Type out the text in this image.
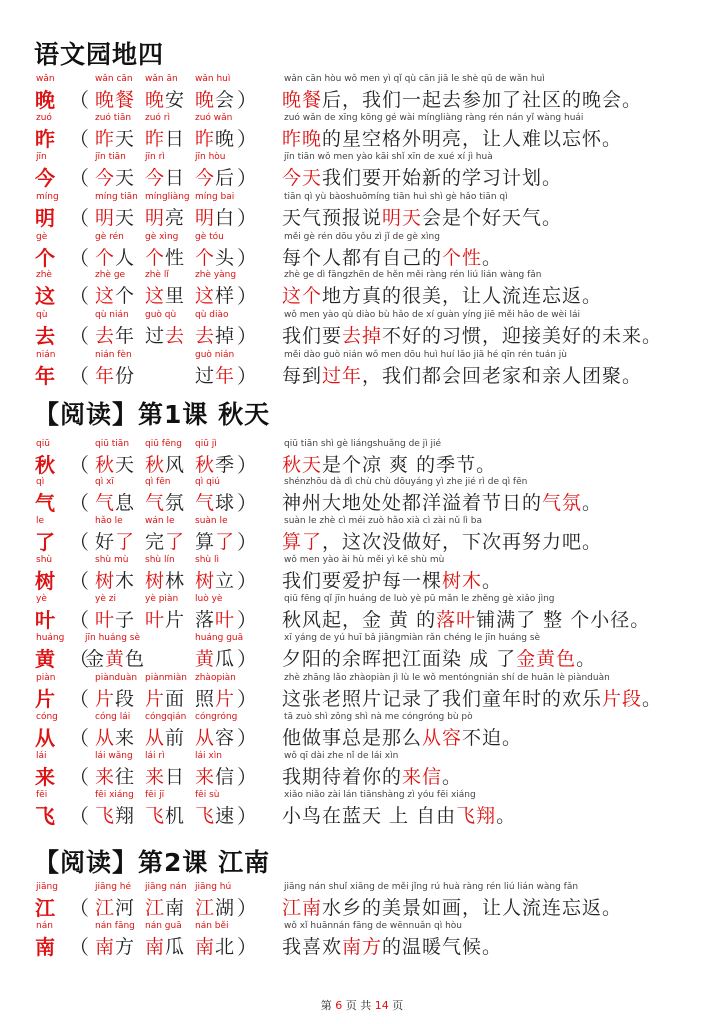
语文园地四
wǎn
晚 （
wǎn cān
晚餐
wǎn ān
晚安
wǎn huì
晚会 ）
wǎn cān hòu wǒ men yì qǐ qù cān jiā le shè qū de wǎn huì
晚餐后，我们一起去参加了社区的晚会。
zuó
昨 （
zuó tiān
昨天
zuó rì
昨日
zuó wǎn
昨晚 ）
zuó wǎn de xīng kōng gé wài míngliàng ràng rén nán yǐ wàng huái
昨晚的星空格外明亮，让人难以忘怀。
jīn
今 （
jīn tiān
今天
jīn rì
今日
jīn hòu
今后 ）
jīn tiān wǒ men yào kāi shǐ xīn de xué xí jì huà
今天我们要开始新的学习计划。
míng
明 （
míng tiān
明天
míngliàng
明亮
míng bai
明白 ）
tiān qì yù bàoshuōmíng tiān huì shì gè hǎo tiān qì
天气预报说明天会是个好天气。
gè
个 （
gè rén
个人
gè xìng
个性
gè tóu
个头 ）
měi gè rén dōu yǒu zì jǐ de gè xìng
每个人都有自己的个性。
zhè
这 （
zhè ge
这个
zhè lǐ
这里
zhè yàng
这样 ）
zhè ge dì fāngzhēn de hěn měi ràng rén liú lián wàng fǎn
这个地方真的很美，让人流连忘返。
qù
去 （
qù nián
去年
guò qù
过去
qù diào
去掉 ）
wǒ men yào qù diào bù hǎo de xí guàn yíng jiē měi hǎo de wèi lái
我们要去掉不好的习惯，迎接美好的未来。
nián
年 （
nián fèn
年份
guò nián
过年 ）
měi dào guò nián wǒ men dōu huì huí lǎo jiā hé qīn rén tuán jù
每到过年，我们都会回老家和亲人团聚。
【阅读】第1课 秋天
qiū
秋 （
qiū tiān
秋天
qiū fēng
秋风
qiū jì
秋季 ）
qiū tiān shì gè liángshuǎng de jì jié
秋天是个凉 爽 的季节。
qì
气 （
qì xī
气息
qì fēn
气氛
qì qiú
气球 ）
shénzhōu dà dì chù chù dōuyáng yì zhe jié rì de qì fēn
神州大地处处都洋溢着节日的气氛。
le
了 （
hǎo le
好了
wán le
完了
suàn le
算了 ）
suàn le zhè cì méi zuò hǎo xià cì zài nǔ lì ba
算了，这次没做好，下次再努力吧。
shù
树 （
shù mù
树木
shù lín
树林
shù lì
树立 ）
wǒ men yào ài hù měi yì kē shù mù
我们要爱护每一棵树木。
yè
叶 （
yè zi
叶子
yè piàn
叶片
luò yè
落叶 ）
qiū fēng qǐ jīn huáng de luò yè pū mǎn le zhěng gè xiǎo jìng
秋风起，金 黄 的落叶铺满了 整 个小径。
huáng
黄 （
jīn huáng sè
金黄色
huáng guā
黄瓜 ）
xī yáng de yú huī bǎ jiāngmiàn rǎn chéng le jīn huáng sè
夕阳的余晖把江面染 成 了金黄色。
piàn
片 （
piànduàn
片段
piànmiàn
片面
zhàopiàn
照片 ）
zhè zhāng lǎo zhàopiàn jì lù le wǒ mentóngnián shí de huān lè piànduàn
这张老照片记录了我们童年时的欢乐片段。
cóng
从 （
cóng lái
从来
cóngqián
从前
cóngróng
从容 ）
tā zuò shì zǒng shì nà me cóngróng bù pò
他做事总是那么从容不迫。
lái
来 （
lái wǎng
来往
lái rì
来日
lái xìn
来信 ）
wǒ qī dài zhe nǐ de lái xìn
我期待着你的来信。
fēi
飞 （
fēi xiáng
飞翔
fēi jī
飞机
fēi sù
飞速 ）
xiǎo niǎo zài lán tiānshàng zì yóu fēi xiáng
小鸟在蓝天 上 自由飞翔。
【阅读】第2课 江南
jiāng
江 （
jiāng hé
江河
jiāng nán
江南
jiāng hú
江湖 ）
jiāng nán shuǐ xiāng de měi jǐng rú huà ràng rén liú lián wàng fǎn
江南水乡的美景如画，让人流连忘返。
nán
南 （
nán fāng
南方
nán guā
南瓜
nán běi
南北 ）
wǒ xǐ huānnán fāng de wēnnuǎn qì hòu
我喜欢南方的温暖气候。
第 6 页 共 14 页
